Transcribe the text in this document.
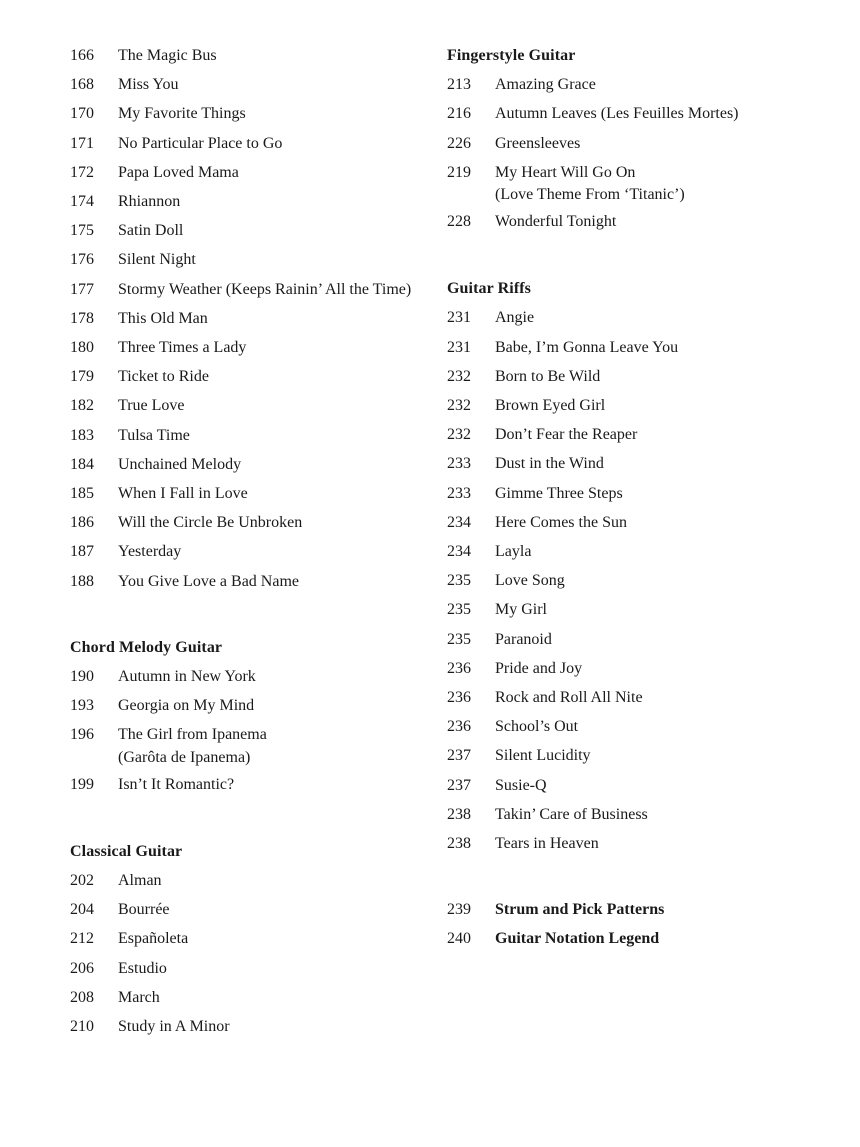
166	The Magic Bus
168	Miss You
170	My Favorite Things
171	No Particular Place to Go
172	Papa Loved Mama
174	Rhiannon
175	Satin Doll
176	Silent Night
177	Stormy Weather (Keeps Rainin’ All the Time)
178	This Old Man
180	Three Times a Lady
179	Ticket to Ride
182	True Love
183	Tulsa Time
184	Unchained Melody
185	When I Fall in Love
186	Will the Circle Be Unbroken
187	Yesterday
188	You Give Love a Bad Name
Chord Melody Guitar
190	Autumn in New York
193	Georgia on My Mind
196	The Girl from Ipanema
(Garôta de Ipanema)
199	Isn’t It Romantic?
Classical Guitar
202	Alman
204	Bourrée
212	Españoleta
206	Estudio
208	March
210	Study in A Minor
Fingerstyle Guitar
213	Amazing Grace
216	Autumn Leaves (Les Feuilles Mortes)
226	Greensleeves
219	My Heart Will Go On
(Love Theme From ‘Titanic’)
228	Wonderful Tonight
Guitar Riffs
231	Angie
231	Babe, I’m Gonna Leave You
232	Born to Be Wild
232	Brown Eyed Girl
232	Don’t Fear the Reaper
233	Dust in the Wind
233	Gimme Three Steps
234	Here Comes the Sun
234	Layla
235	Love Song
235	My Girl
235	Paranoid
236	Pride and Joy
236	Rock and Roll All Nite
236	School’s Out
237	Silent Lucidity
237	Susie-Q
238	Takin’ Care of Business
238	Tears in Heaven
239	Strum and Pick Patterns
240	Guitar Notation Legend
